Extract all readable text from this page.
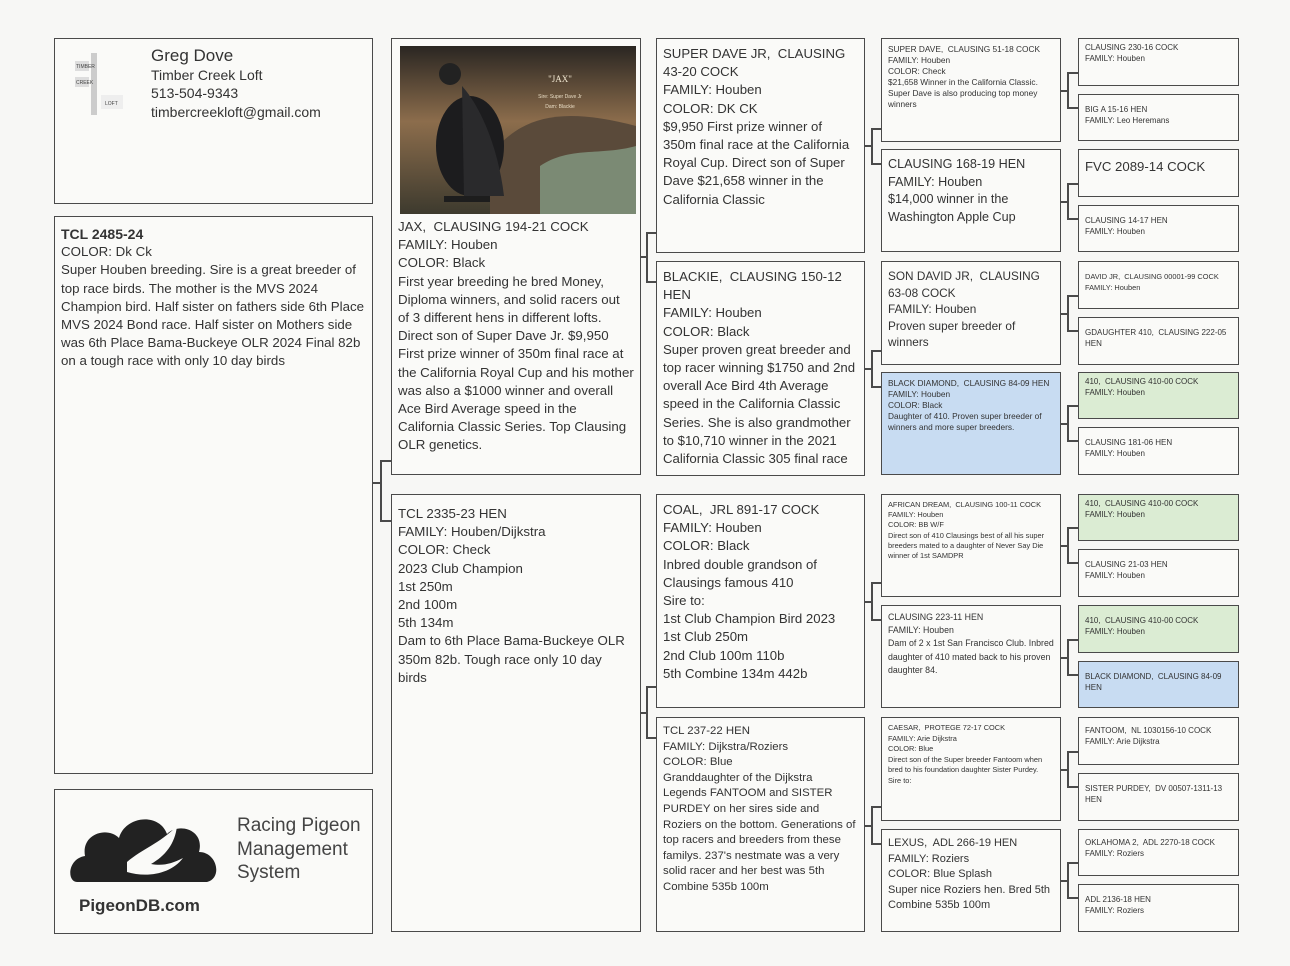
TIMBER
CREEK
LOFT
Greg Dove
Timber Creek Loft
513-504-9343
timbercreekloft@gmail.com
TCL 2485-24
COLOR: Dk Ck
Super Houben breeding. Sire is a great breeder of top race birds. The mother is the MVS 2024 Champion bird. Half sister on fathers side 6th Place MVS 2024 Bond race. Half sister on Mothers side was 6th Place Bama-Buckeye OLR 2024 Final 82b on a tough race with only 10 day birds
Racing Pigeon
Management
System
PigeonDB.com
"JAX"
Sire: Super Dave Jr
Dam: Blackie
JAX,  CLAUSING 194-21 COCK
FAMILY: Houben
COLOR: Black
First year breeding he bred Money, Diploma winners, and solid racers out of 3 different hens in different lofts. Direct son of Super Dave Jr. $9,950 First prize winner of 350m final race at the California Royal Cup and his mother was also a $1000 winner and overall Ace Bird Average speed in the California Classic Series. Top Clausing OLR genetics.
TCL 2335-23 HEN
FAMILY: Houben/Dijkstra
COLOR: Check
2023 Club Champion
1st 250m
2nd 100m
5th 134m
Dam to 6th Place Bama-Buckeye OLR 350m 82b. Tough race only 10 day birds
SUPER DAVE JR,  CLAUSING 43-20 COCK
FAMILY: Houben
COLOR: DK CK
$9,950 First prize winner of 350m final race at the California Royal Cup. Direct son of Super Dave $21,658 winner in the California Classic
BLACKIE,  CLAUSING 150-12 HEN
FAMILY: Houben
COLOR: Black
Super proven great breeder and top racer winning $1750 and 2nd overall Ace Bird 4th Average speed in the California Classic Series. She is also grandmother to $10,710 winner in the 2021 California Classic 305 final race
COAL,  JRL 891-17 COCK
FAMILY: Houben
COLOR: Black
Inbred double grandson of Clausings famous 410
Sire to:
1st Club Champion Bird 2023
1st Club 250m
2nd Club 100m 110b
5th Combine 134m 442b
TCL 237-22 HEN
FAMILY: Dijkstra/Roziers
COLOR: Blue
Granddaughter of the Dijkstra Legends FANTOOM and SISTER PURDEY on her sires side and Roziers on the bottom. Generations of top racers and breeders from these familys. 237's nestmate was a very solid racer and her best was 5th Combine 535b 100m
SUPER DAVE,  CLAUSING 51-18 COCK
FAMILY: Houben
COLOR: Check
$21,658 Winner in the California Classic. Super Dave is also producing top money winners
CLAUSING 168-19 HEN
FAMILY: Houben
$14,000 winner in the Washington Apple Cup
SON DAVID JR,  CLAUSING 63-08 COCK
FAMILY: Houben
Proven super breeder of winners
BLACK DIAMOND,  CLAUSING 84-09 HEN
FAMILY: Houben
COLOR: Black
Daughter of 410. Proven super breeder of winners and more super breeders.
AFRICAN DREAM,  CLAUSING 100-11 COCK
FAMILY: Houben
COLOR: BB W/F
Direct son of 410 Clausings best of all his super breeders mated to a daughter of Never Say Die winner of 1st SAMDPR
CLAUSING 223-11 HEN
FAMILY: Houben
Dam of 2 x 1st San Francisco Club. Inbred daughter of 410 mated back to his proven daughter 84.
CAESAR,  PROTEGE 72-17 COCK
FAMILY: Arie Dijkstra
COLOR: Blue
Direct son of the Super breeder Fantoom when bred to his foundation daughter Sister Purdey.
Sire to:
LEXUS,  ADL 266-19 HEN
FAMILY: Roziers
COLOR: Blue Splash
Super nice Roziers hen. Bred 5th Combine 535b 100m
CLAUSING 230-16 COCK
FAMILY: Houben
BIG A 15-16 HEN
FAMILY: Leo Heremans
FVC 2089-14 COCK
CLAUSING 14-17 HEN
FAMILY: Houben
DAVID JR,  CLAUSING 00001-99 COCK
FAMILY: Houben
GDAUGHTER 410,  CLAUSING 222-05 HEN
410,  CLAUSING 410-00 COCK
FAMILY: Houben
CLAUSING 181-06 HEN
FAMILY: Houben
410,  CLAUSING 410-00 COCK
FAMILY: Houben
CLAUSING 21-03 HEN
FAMILY: Houben
410,  CLAUSING 410-00 COCK
FAMILY: Houben
BLACK DIAMOND,  CLAUSING 84-09 HEN
FANTOOM,  NL 1030156-10 COCK
FAMILY: Arie Dijkstra
SISTER PURDEY,  DV 00507-1311-13 HEN
OKLAHOMA 2,  ADL 2270-18 COCK
FAMILY: Roziers
ADL 2136-18 HEN
FAMILY: Roziers
